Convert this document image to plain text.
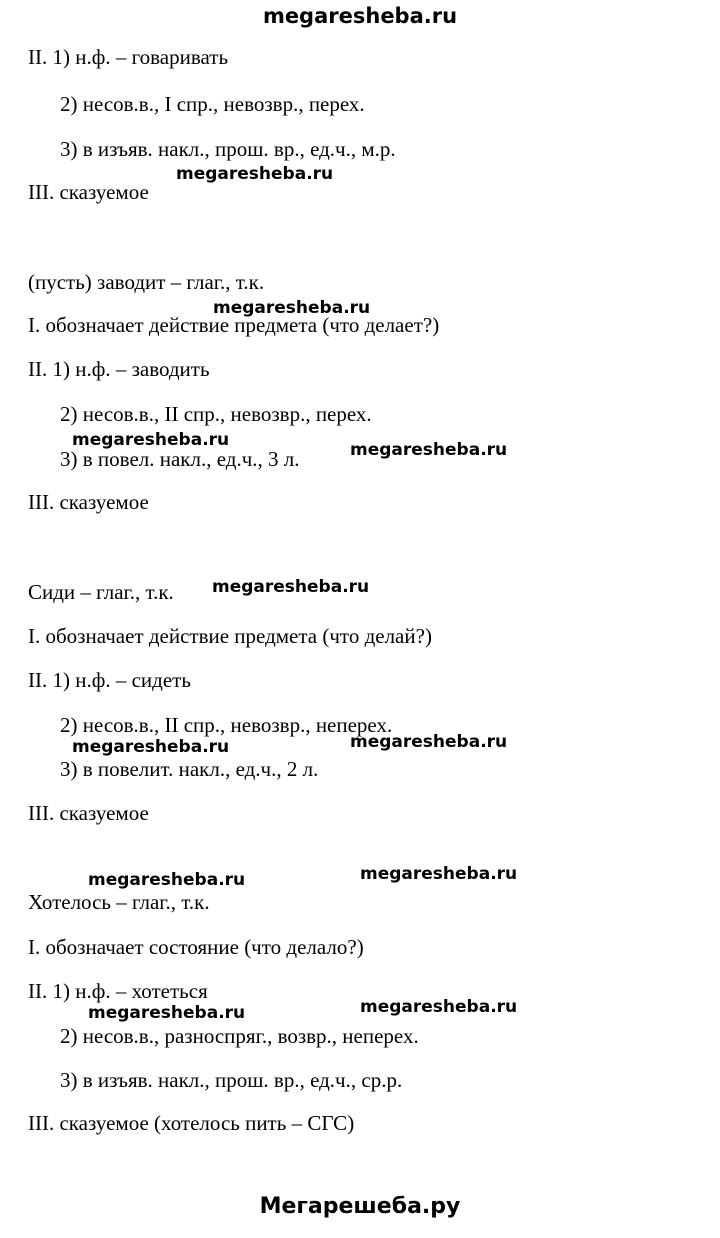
megaresheba.ru
II. 1) н.ф. – говаривать
2) несов.в., I спр., невозвр., перех.
3) в изъяв. накл., прош. вр., ед.ч., м.р.
III. сказуемое
(пусть) заводит – глаг., т.к.
I. обозначает действие предмета (что делает?)
II. 1) н.ф. – заводить
2) несов.в., II спр., невозвр., перех.
3) в повел. накл., ед.ч., 3 л.
III. сказуемое
Сиди – глаг., т.к.
I. обозначает действие предмета (что делай?)
II. 1) н.ф. – сидеть
2) несов.в., II спр., невозвр., неперех.
3) в повелит. накл., ед.ч., 2 л.
III. сказуемое
Хотелось – глаг., т.к.
I. обозначает состояние (что делало?)
II. 1) н.ф. – хотеться
2) несов.в., разноспряг., возвр., неперех.
3) в изъяв. накл., прош. вр., ед.ч., ср.р.
III. сказуемое (хотелось пить – СГС)
megaresheba.ru
megaresheba.ru
megaresheba.ru	megaresheba.ru
megaresheba.ru
megaresheba.ru	megaresheba.ru
megaresheba.ru	megaresheba.ru
megaresheba.ru	megaresheba.ru
Мегарешеба.ру
